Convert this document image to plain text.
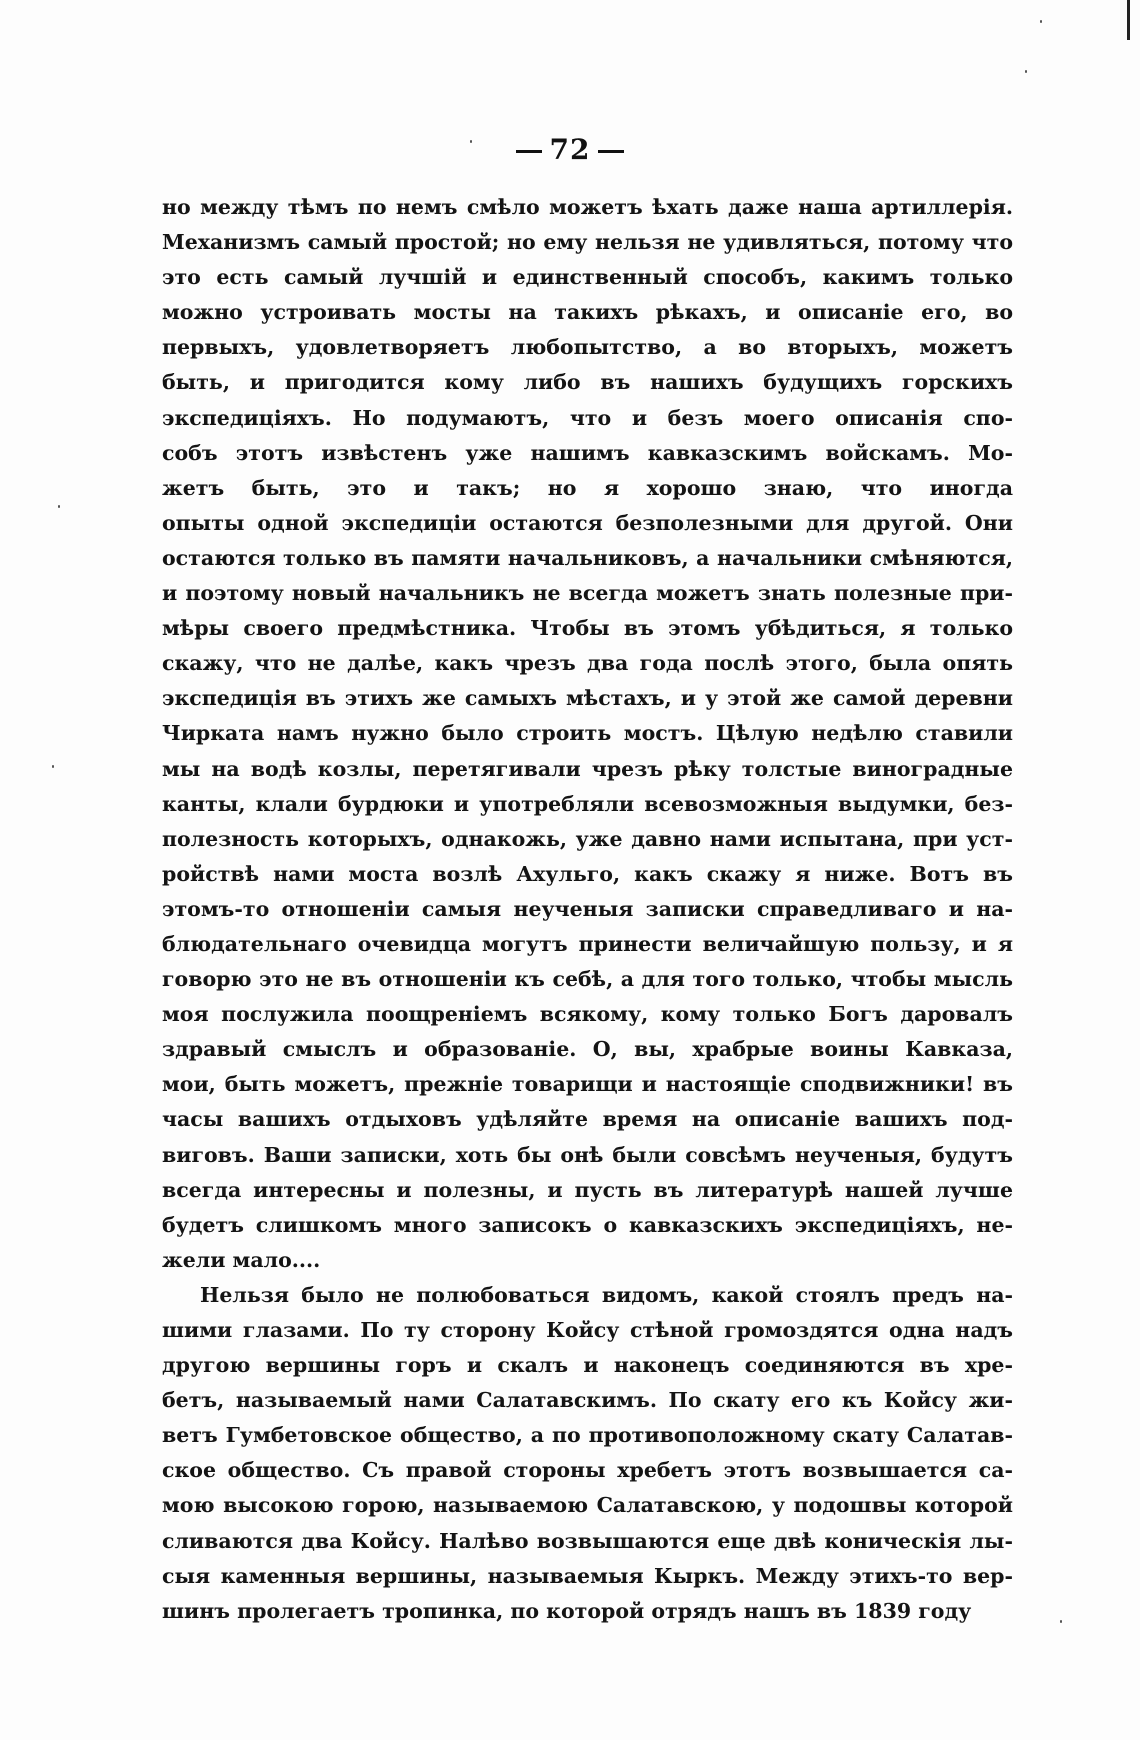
72
но между тѣмъ по немъ смѣло можетъ ѣхать даже наша артиллерія.
Механизмъ самый простой; но ему нельзя не удивляться, потому что
это есть самый лучшій и единственный способъ, какимъ только
можно устроивать мосты на такихъ рѣкахъ, и описаніе его, во
первыхъ, удовлетворяетъ любопытство, а во вторыхъ, можетъ
быть, и пригодится кому либо въ нашихъ будущихъ горскихъ
экспедиціяхъ. Но подумаютъ, что и безъ моего описанія спо-
собъ этотъ извѣстенъ уже нашимъ кавказскимъ войскамъ. Мо-
жетъ быть, это и такъ; но я хорошо знаю, что иногда
опыты одной экспедиціи остаются безполезными для другой. Они
остаются только въ памяти начальниковъ, а начальники смѣняются,
и поэтому новый начальникъ не всегда можетъ знать полезные при-
мѣры своего предмѣстника. Чтобы въ этомъ убѣдиться, я только
скажу, что не далѣе, какъ чрезъ два года послѣ этого, была опять
экспедиція въ этихъ же самыхъ мѣстахъ, и у этой же самой деревни
Чирката намъ нужно было строить мостъ. Цѣлую недѣлю ставили
мы на водѣ козлы, перетягивали чрезъ рѣку толстые виноградные
канты, клали бурдюки и употребляли всевозможныя выдумки, без-
полезность которыхъ, однакожь, уже давно нами испытана, при уст-
ройствѣ нами моста возлѣ Ахульго, какъ скажу я ниже. Вотъ въ
этомъ-то отношеніи самыя неученыя записки справедливаго и на-
блюдательнаго очевидца могутъ принести величайшую пользу, и я
говорю это не въ отношеніи къ себѣ, а для того только, чтобы мысль
моя послужила поощреніемъ всякому, кому только Богъ даровалъ
здравый смыслъ и образованіе. О, вы, храбрые воины Кавказа,
мои, быть можетъ, прежніе товарищи и настоящіе сподвижники! въ
часы вашихъ отдыховъ удѣляйте время на описаніе вашихъ под-
виговъ. Ваши записки, хоть бы онѣ были совсѣмъ неученыя, будутъ
всегда интересны и полезны, и пусть въ литературѣ нашей лучше
будетъ слишкомъ много записокъ о кавказскихъ экспедиціяхъ, не-
жели мало....
Нельзя было не полюбоваться видомъ, какой стоялъ предъ на-
шими глазами. По ту сторону Койсу стѣной громоздятся одна надъ
другою вершины горъ и скалъ и наконецъ соединяются въ хре-
бетъ, называемый нами Салатавскимъ. По скату его къ Койсу жи-
ветъ Гумбетовское общество, а по противоположному скату Салатав-
ское общество. Съ правой стороны хребетъ этотъ возвышается са-
мою высокою горою, называемою Салатавскою, у подошвы которой
сливаются два Койсу. Налѣво возвышаются еще двѣ коническія лы-
сыя каменныя вершины, называемыя Кыркъ. Между этихъ-то вер-
шинъ пролегаетъ тропинка, по которой отрядъ нашъ въ 1839 году
